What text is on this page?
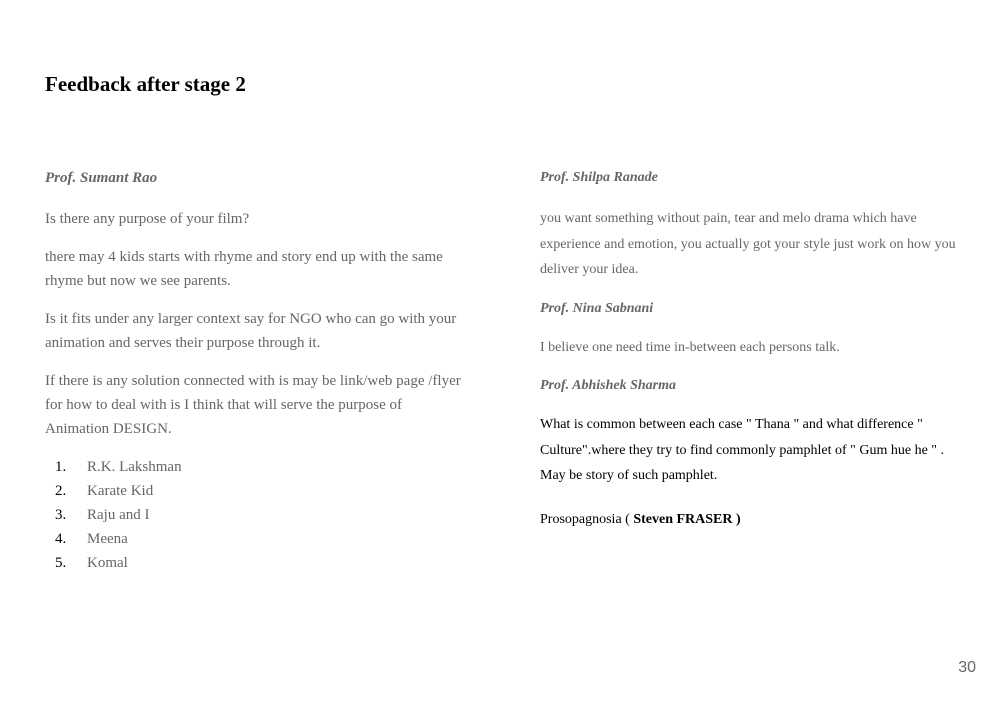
Feedback after stage 2

Prof. Sumant Rao

Is there any purpose of your film?

there may 4 kids starts with rhyme and story end up with the same rhyme but now we see parents.

Is it fits under any larger context say for NGO who can go with your animation and serves their purpose through it.

If there is any solution connected with is may be link/web page /flyer for how to deal with is I think that will serve the purpose of Animation DESIGN.

1. R.K. Lakshman
2. Karate Kid
3. Raju and I
4. Meena
5. Komal

Prof. Shilpa Ranade

you want something without pain, tear and melo drama which have experience and emotion, you actually got your style just work on how you deliver your idea.

Prof. Nina Sabnani

I believe one need time in-between each persons talk.

Prof. Abhishek Sharma

What is common between each case " Thana " and what difference " Culture".where they try to find commonly pamphlet of " Gum hue he " . May be story of such pamphlet.

Prosopagnosia ( Steven FRASER )

30
